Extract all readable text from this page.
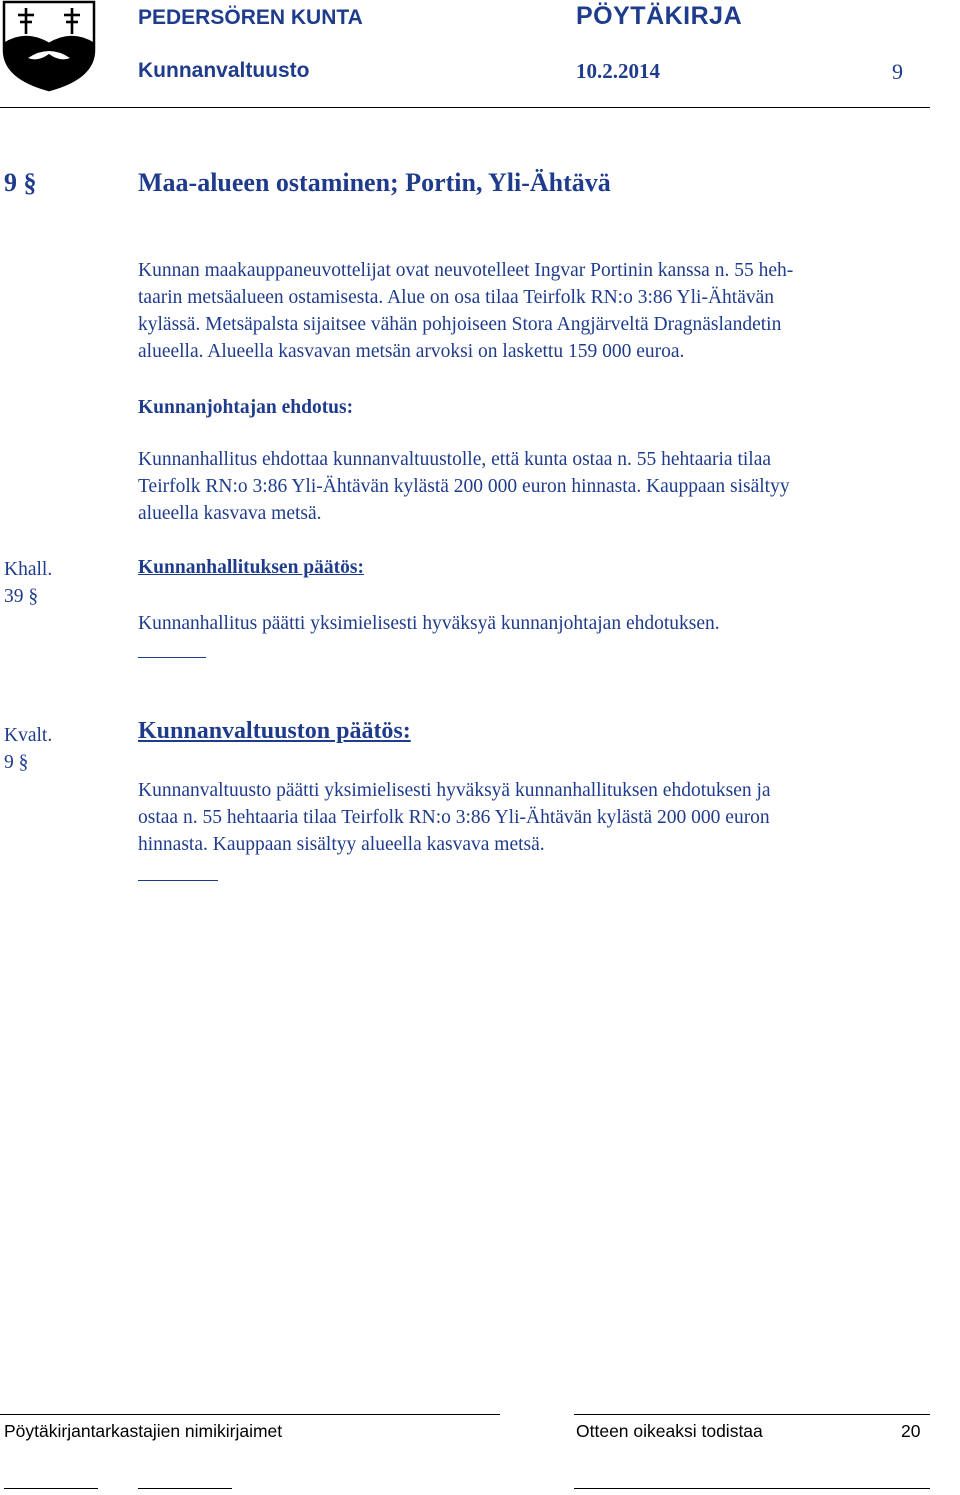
PEDERSÖREN KUNTA	PÖYTÄKIRJA
Kunnanvaltuusto	10.2.2014	9
9 §	Maa-alueen ostaminen; Portin, Yli-Ähtävä
Kunnan maakauppaneuvottelijat ovat neuvotelleet Ingvar Portinin kanssa n. 55 heh-
taarin metsäalueen ostamisesta. Alue on osa tilaa Teirfolk RN:o 3:86 Yli-Ähtävän
kylässä. Metsäpalsta sijaitsee vähän pohjoiseen Stora Angjärveltä Dragnäslandetin
alueella. Alueella kasvavan metsän arvoksi on laskettu 159 000 euroa.
Kunnanjohtajan ehdotus:
Kunnanhallitus ehdottaa kunnanvaltuustolle, että kunta ostaa n. 55 hehtaaria tilaa
Teirfolk RN:o 3:86 Yli-Ähtävän kylästä 200 000 euron hinnasta. Kauppaan sisältyy
alueella kasvava metsä.
Khall.
39 §
Kunnanhallituksen päätös:
Kunnanhallitus päätti yksimielisesti hyväksyä kunnanjohtajan ehdotuksen.
Kvalt.
9 §
Kunnanvaltuuston päätös:
Kunnanvaltuusto päätti yksimielisesti hyväksyä kunnanhallituksen ehdotuksen ja
ostaa n. 55 hehtaaria tilaa Teirfolk RN:o 3:86 Yli-Ähtävän kylästä 200 000 euron
hinnasta. Kauppaan sisältyy alueella kasvava metsä.
Pöytäkirjantarkastajien nimikirjaimet	Otteen oikeaksi todistaa	20
